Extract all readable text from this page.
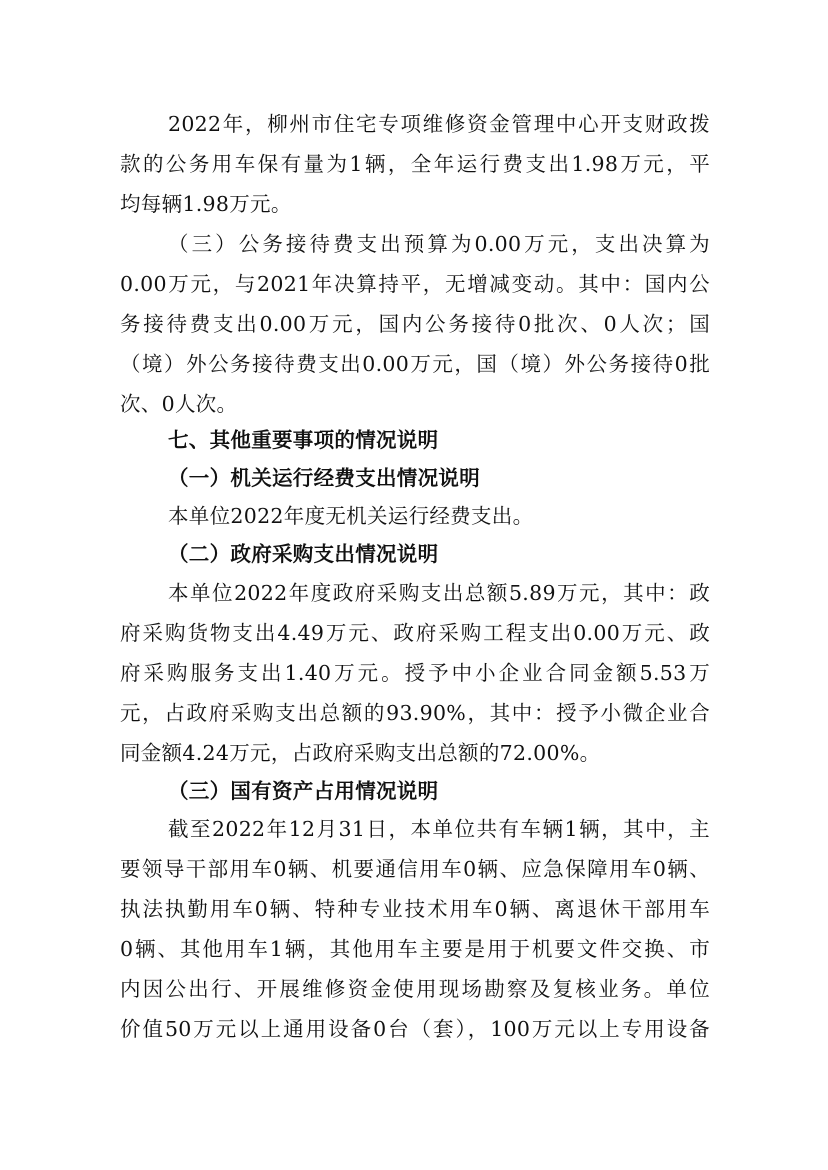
2022年，柳州市住宅专项维修资金管理中心开支财政拨
款的公务用车保有量为1辆，全年运行费支出1.98万元，平
均每辆1.98万元。
（三）公务接待费支出预算为0.00万元，支出决算为
0.00万元，与2021年决算持平，无增减变动。其中：国内公
务接待费支出0.00万元，国内公务接待0批次、0人次；国
（境）外公务接待费支出0.00万元，国（境）外公务接待0批
次、0人次。
七、其他重要事项的情况说明
（一）机关运行经费支出情况说明
本单位2022年度无机关运行经费支出。
（二）政府采购支出情况说明
本单位2022年度政府采购支出总额5.89万元，其中：政
府采购货物支出4.49万元、政府采购工程支出0.00万元、政
府采购服务支出1.40万元。授予中小企业合同金额5.53万
元，占政府采购支出总额的93.90%，其中：授予小微企业合
同金额4.24万元，占政府采购支出总额的72.00%。
（三）国有资产占用情况说明
截至2022年12月31日，本单位共有车辆1辆，其中，主
要领导干部用车0辆、机要通信用车0辆、应急保障用车0辆、
执法执勤用车0辆、特种专业技术用车0辆、离退休干部用车
0辆、其他用车1辆，其他用车主要是用于机要文件交换、市
内因公出行、开展维修资金使用现场勘察及复核业务。单位
价值50万元以上通用设备0台（套），100万元以上专用设备
